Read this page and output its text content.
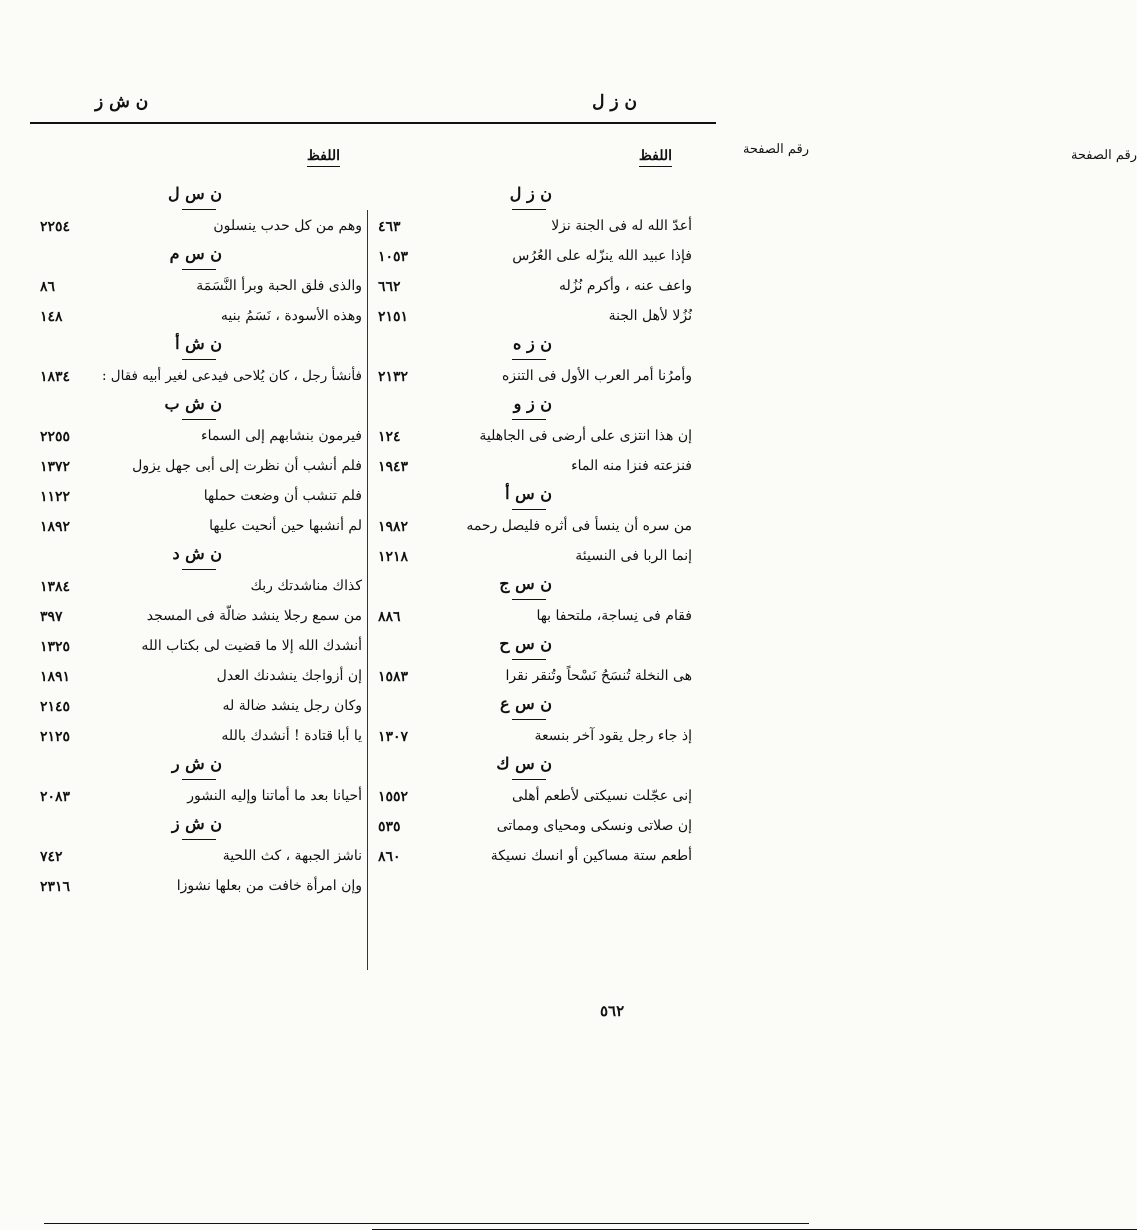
ن ز ل
ن ش ز
اللفظ	رقم الصفحة
اللفظ	رقم الصفحة
ن ز ل
أعدّ الله له فى الجنة نزلا
٤٦٣
فإذا عبيد الله ينزّله على العُرُس
١٠٥٣
واعف عنه ، وأكرم نُزُله
٦٦٢
نُزُلا لأهل الجنة
٢١٥١
ن ز ه
وأمرُنا أمر العرب الأول فى التنزه
٢١٣٢
ن ز و
إن هذا انتزى على أرضى فى الجاهلية
١٢٤
فنزعته فنزا منه الماء
١٩٤٣
ن س أ
من سره أن ينسأ فى أثره فليصل رحمه
١٩٨٢
إنما الربا فى النسيئة
١٢١٨
ن س ج
فقام فى نِساجة، ملتحفا بها
٨٨٦
ن س ح
هى النخلة تُنسَحُ نَسْحاً وتُنقر نقرا
١٥٨٣
ن س ع
إذ جاء رجل يقود آخر بنسعة
١٣٠٧
ن س ك
إنى عجّلت نسيكتى لأطعم أهلى
١٥٥٢
إن صلاتى ونسكى ومحياى ومماتى
٥٣٥
أطعم ستة مساكين أو انسك نسيكة
٨٦٠
ن س ل
وهم من كل حدب ينسلون
٢٢٥٤
ن س م
والذى فلق الحبة وبرأ النَّسَمَة
٨٦
وهذه الأسودة ، نَسَمُ بنيه
١٤٨
ن ش أ
فأنشأ رجل ، كان يُلاحى فيدعى لغير أبيه فقال :
١٨٣٤
ن ش ب
فيرمون بنشابهم إلى السماء
٢٢٥٥
فلم أنشب أن نظرت إلى أبى جهل يزول
١٣٧٢
فلم تنشب أن وضعت حملها
١١٢٢
لم أنشبها حين أنحيت عليها
١٨٩٢
ن ش د
كذاك مناشدتك ربك
١٣٨٤
من سمع رجلا ينشد ضالّة فى المسجد
٣٩٧
أنشدك الله إلا ما قضيت لى بكتاب الله
١٣٢٥
إن أزواجك ينشدنك العدل
١٨٩١
وكان رجل ينشد ضالة له
٢١٤٥
يا أبا قتادة ! أنشدك بالله
٢١٢٥
ن ش ر
أحيانا بعد ما أماتنا وإليه النشور
٢٠٨٣
ن ش ز
ناشز الجبهة ، كث اللحية
٧٤٢
وإن امرأة خافت من بعلها نشوزا
٢٣١٦
٥٦٢
